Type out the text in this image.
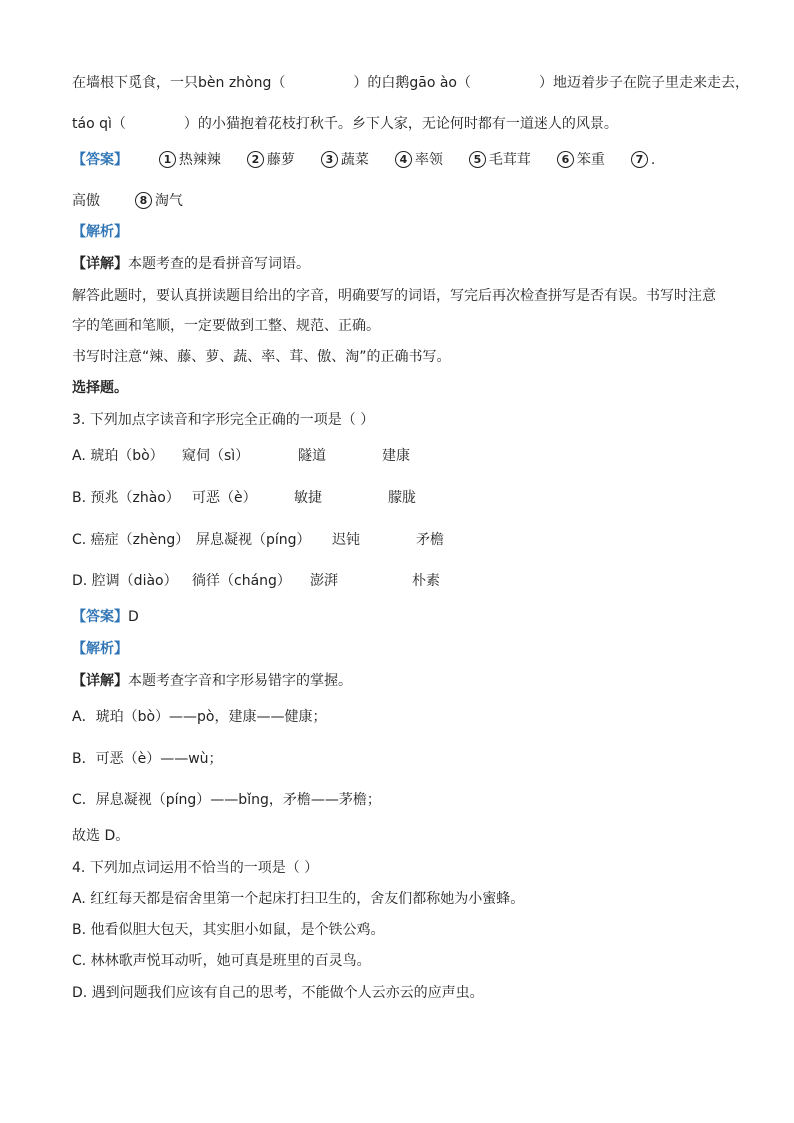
在墙根下觅食，一只bèn zhòng（	）的白鹅gāo ào（	）地迈着步子在院子里走来走去，
táo qì（	）的小猫抱着花枝打秋千。乡下人家，无论何时都有一道迷人的风景。
【答案】	1 热辣辣	2 藤萝	3 蔬菜	4 率领	5 毛茸茸	6 笨重	7 .
高傲	8 淘气
【解析】
【详解】本题考查的是看拼音写词语。
解答此题时，要认真拼读题目给出的字音，明确要写的词语，写完后再次检查拼写是否有误。书写时注意
字的笔画和笔顺，一定要做到工整、规范、正确。
书写时注意“辣、藤、萝、蔬、率、茸、傲、淘”的正确书写。
选择题。
3. 下列加点字读音和字形完全正确的一项是（ ）
A. 琥珀（bò） 窥伺（sì）	隧道	建康
B. 预兆（zhào） 可恶（è）	敏捷	朦胧
C. 癌症（zhèng） 屏息凝视（píng） 迟钝	矛檐
D. 腔调（diào） 徜徉（cháng） 澎湃	朴素
【答案】D
【解析】
【详解】本题考查字音和字形易错字的掌握。
A．琥珀（bò）——pò，建康——健康；
B．可恶（è）——wù；
C．屏息凝视（píng）——bǐng，矛檐——茅檐；
故选 D。
4. 下列加点词运用不恰当的一项是（ ）
A. 红红每天都是宿舍里第一个起床打扫卫生的，舍友们都称她为小蜜蜂。
B. 他看似胆大包天，其实胆小如鼠，是个铁公鸡。
C. 林林歌声悦耳动听，她可真是班里的百灵鸟。
D. 遇到问题我们应该有自己的思考，不能做个人云亦云的应声虫。
